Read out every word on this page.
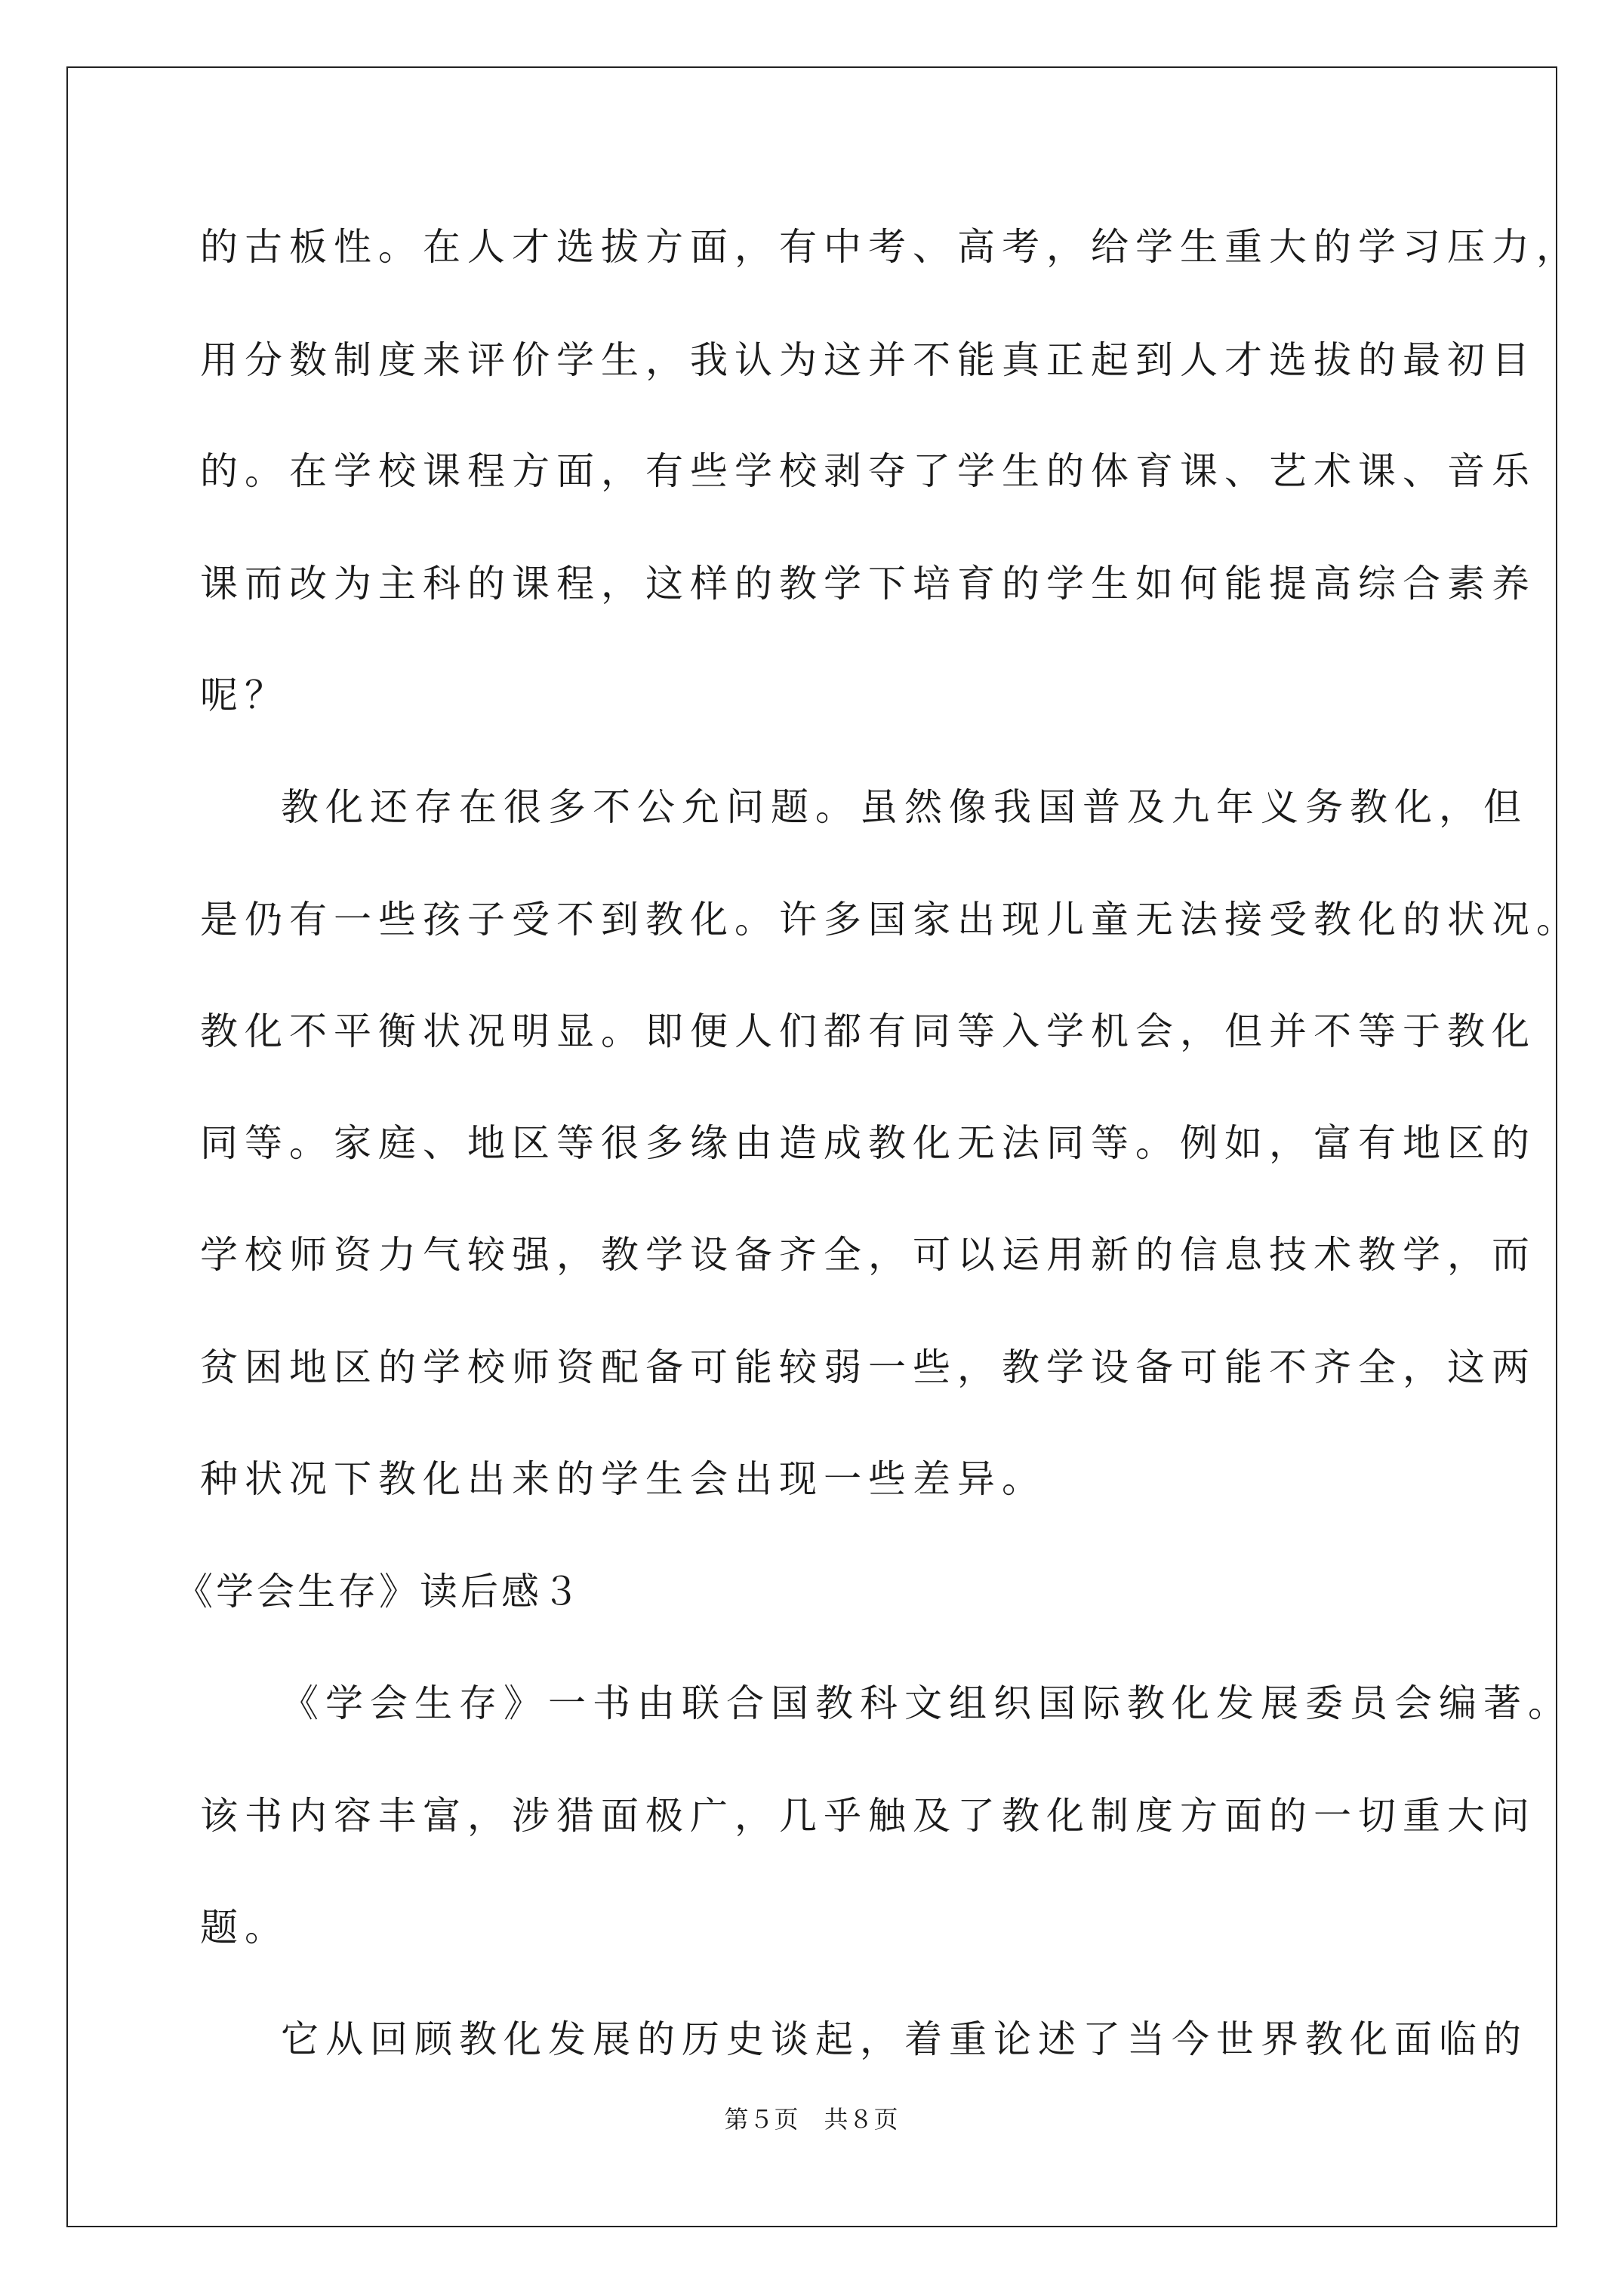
的古板性。在人才选拔方面，有中考、高考，给学生重大的学习压力，
用分数制度来评价学生，我认为这并不能真正起到人才选拔的最初目
的。在学校课程方面，有些学校剥夺了学生的体育课、艺术课、音乐
课而改为主科的课程，这样的教学下培育的学生如何能提高综合素养
呢？
教化还存在很多不公允问题。虽然像我国普及九年义务教化，但
是仍有一些孩子受不到教化。许多国家出现儿童无法接受教化的状况。
教化不平衡状况明显。即便人们都有同等入学机会，但并不等于教化
同等。家庭、地区等很多缘由造成教化无法同等。例如，富有地区的
学校师资力气较强，教学设备齐全，可以运用新的信息技术教学，而
贫困地区的学校师资配备可能较弱一些，教学设备可能不齐全，这两
种状况下教化出来的学生会出现一些差异。
《学会生存》读后感３
《学会生存》一书由联合国教科文组织国际教化发展委员会编著。
该书内容丰富，涉猎面极广，几乎触及了教化制度方面的一切重大问
题。
它从回顾教化发展的历史谈起，着重论述了当今世界教化面临的
第５页　共８页
